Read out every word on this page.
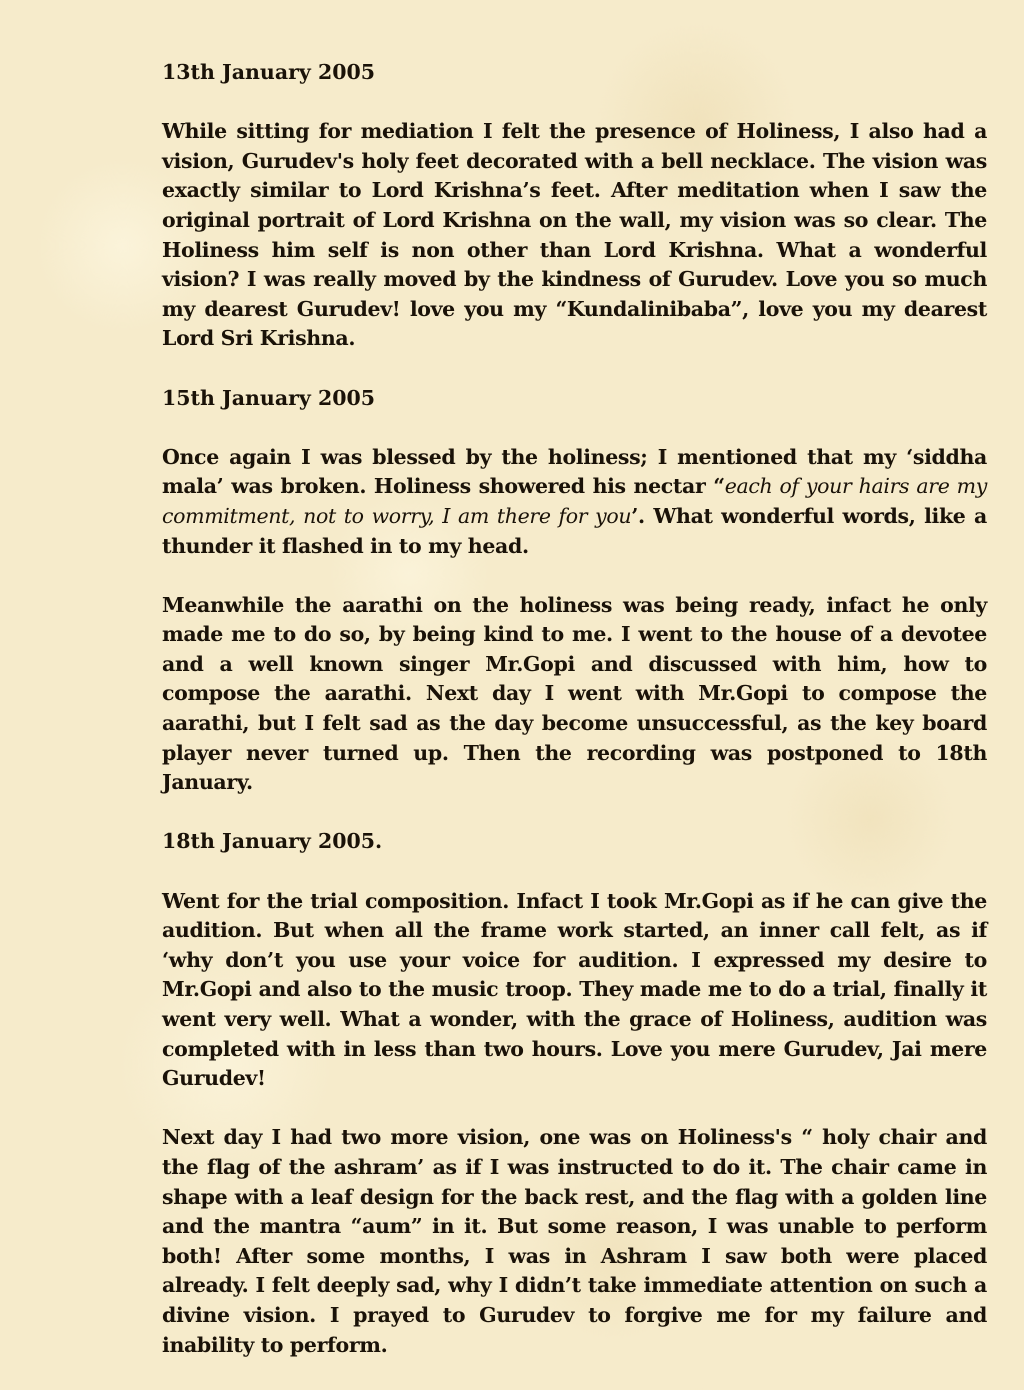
13th January 2005

While sitting for mediation I felt the presence of Holiness, I also had a vision, Gurudev's holy feet decorated with a bell necklace. The vision was exactly similar to Lord Krishna’s feet. After meditation when I saw the original portrait of Lord Krishna on the wall, my vision was so clear. The Holiness him self is non other than Lord Krishna. What a wonderful vision? I was really moved by the kindness of Gurudev. Love you so much my dearest Gurudev! love you my “Kundalinibaba”, love you my dearest Lord Sri Krishna.

15th January 2005

Once again I was blessed by the holiness; I mentioned that my ‘siddha mala’ was broken. Holiness showered his nectar “each of your hairs are my commitment, not to worry, I am there for you’. What wonderful words, like a thunder it flashed in to my head.

Meanwhile the aarathi on the holiness was being ready, infact he only made me to do so, by being kind to me. I went to the house of a devotee and a well known singer Mr.Gopi and discussed with him, how to compose the aarathi. Next day I went with Mr.Gopi to compose the aarathi, but I felt sad as the day become unsuccessful, as the key board player never turned up. Then the recording was postponed to 18th January.

18th January 2005.

Went for the trial composition. Infact I took Mr.Gopi as if he can give the audition. But when all the frame work started, an inner call felt, as if ‘why don’t you use your voice for audition. I expressed my desire to Mr.Gopi and also to the music troop. They made me to do a trial, finally it went very well. What a wonder, with the grace of Holiness, audition was completed with in less than two hours. Love you mere Gurudev, Jai mere Gurudev!

Next day I had two more vision, one was on Holiness's “ holy chair and the flag of the ashram’ as if I was instructed to do it. The chair came in shape with a leaf design for the back rest, and the flag with a golden line and the mantra “aum” in it. But some reason, I was unable to perform both! After some months, I was in Ashram I saw both were placed already. I felt deeply sad, why I didn’t take immediate attention on such a divine vision. I prayed to Gurudev to forgive me for my failure and inability to perform.
